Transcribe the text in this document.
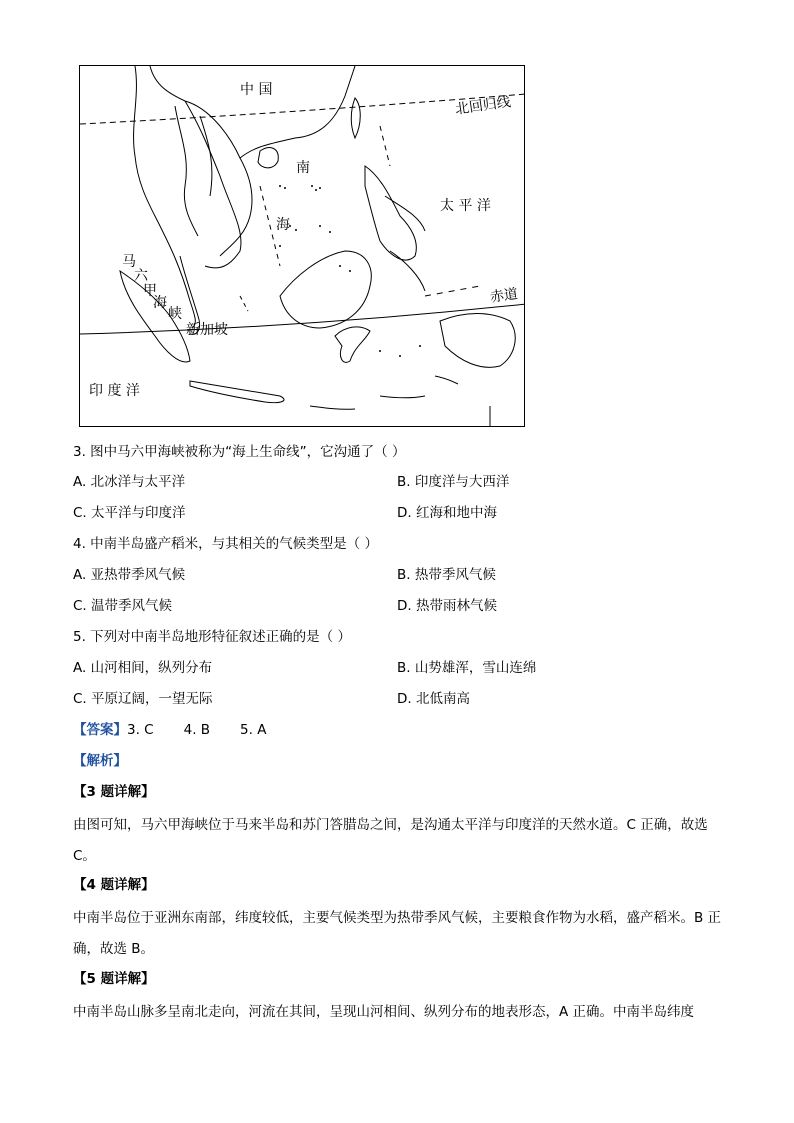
中 国
北回归线
南
海
太 平 洋
赤道
马
六
甲
海
峡
新加坡
印 度 洋
3. 图中马六甲海峡被称为“海上生命线”，它沟通了（ ）
A. 北冰洋与太平洋	B. 印度洋与大西洋
C. 太平洋与印度洋	D. 红海和地中海
4. 中南半岛盛产稻米，与其相关的气候类型是（ ）
A. 亚热带季风气候	B. 热带季风气候
C. 温带季风气候	D. 热带雨林气候
5. 下列对中南半岛地形特征叙述正确的是（ ）
A. 山河相间，纵列分布	B. 山势雄浑，雪山连绵
C. 平原辽阔，一望无际	D. 北低南高
【答案】3. C 4. B 5. A
【解析】
【3 题详解】
由图可知，马六甲海峡位于马来半岛和苏门答腊岛之间，是沟通太平洋与印度洋的天然水道。C 正确，故选 C。
【4 题详解】
中南半岛位于亚洲东南部，纬度较低，主要气候类型为热带季风气候，主要粮食作物为水稻，盛产稻米。B 正确，故选 B。
【5 题详解】
中南半岛山脉多呈南北走向，河流在其间，呈现山河相间、纵列分布的地表形态，A 正确。中南半岛纬度
